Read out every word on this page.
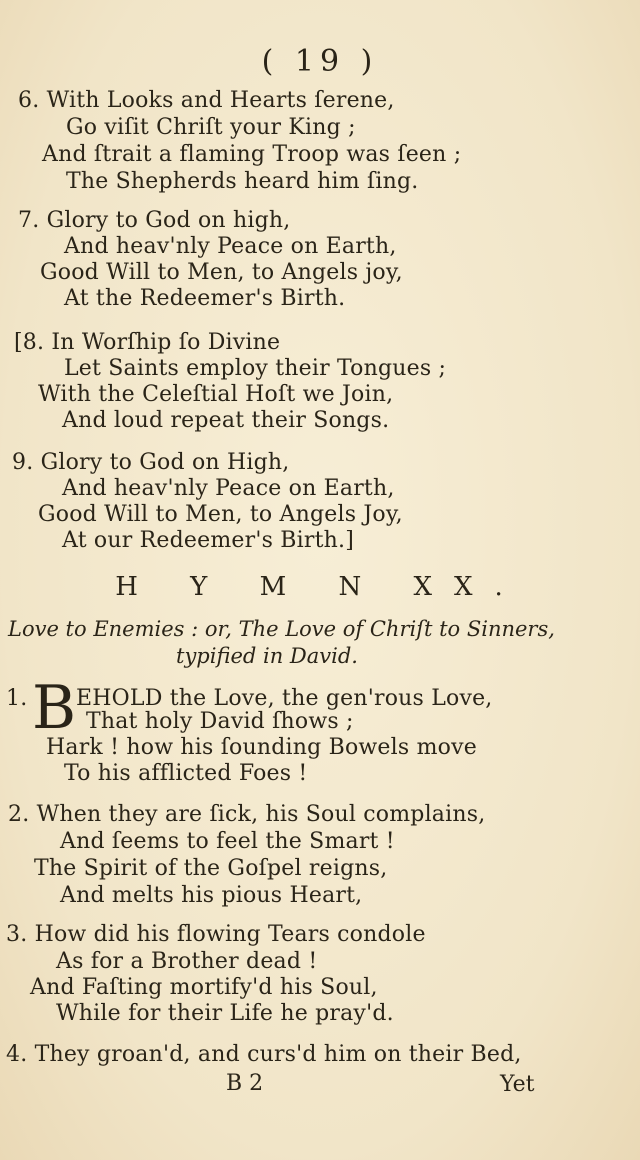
( 19 )
6. With Looks and Hearts ſerene,
Go viſit Chriſt your King ;
And ſtrait a flaming Troop was ſeen ;
The Shepherds heard him ſing.
7. Glory to God on high,
And heav'nly Peace on Earth,
Good Will to Men, to Angels joy,
At the Redeemer's Birth.
[8. In Worſhip ſo Divine
Let Saints employ their Tongues ;
With the Celeſtial Hoſt we Join,
And loud repeat their Songs.
9. Glory to God on High,
And heav'nly Peace on Earth,
Good Will to Men, to Angels Joy,
At our Redeemer's Birth.]
H Y M N XX.
Love to Enemies : or, The Love of Chriſt to Sinners,
typified in David.
1. B EHOLD the Love, the gen'rous Love,
That holy David ſhows ;
Hark ! how his ſounding Bowels move
To his afflicted Foes !
2. When they are ſick, his Soul complains,
And ſeems to feel the Smart !
The Spirit of the Goſpel reigns,
And melts his pious Heart,
3. How did his flowing Tears condole
As for a Brother dead !
And Faſting mortify'd his Soul,
While for their Life he pray'd.
4. They groan'd, and curs'd him on their Bed,
B 2	Yet
